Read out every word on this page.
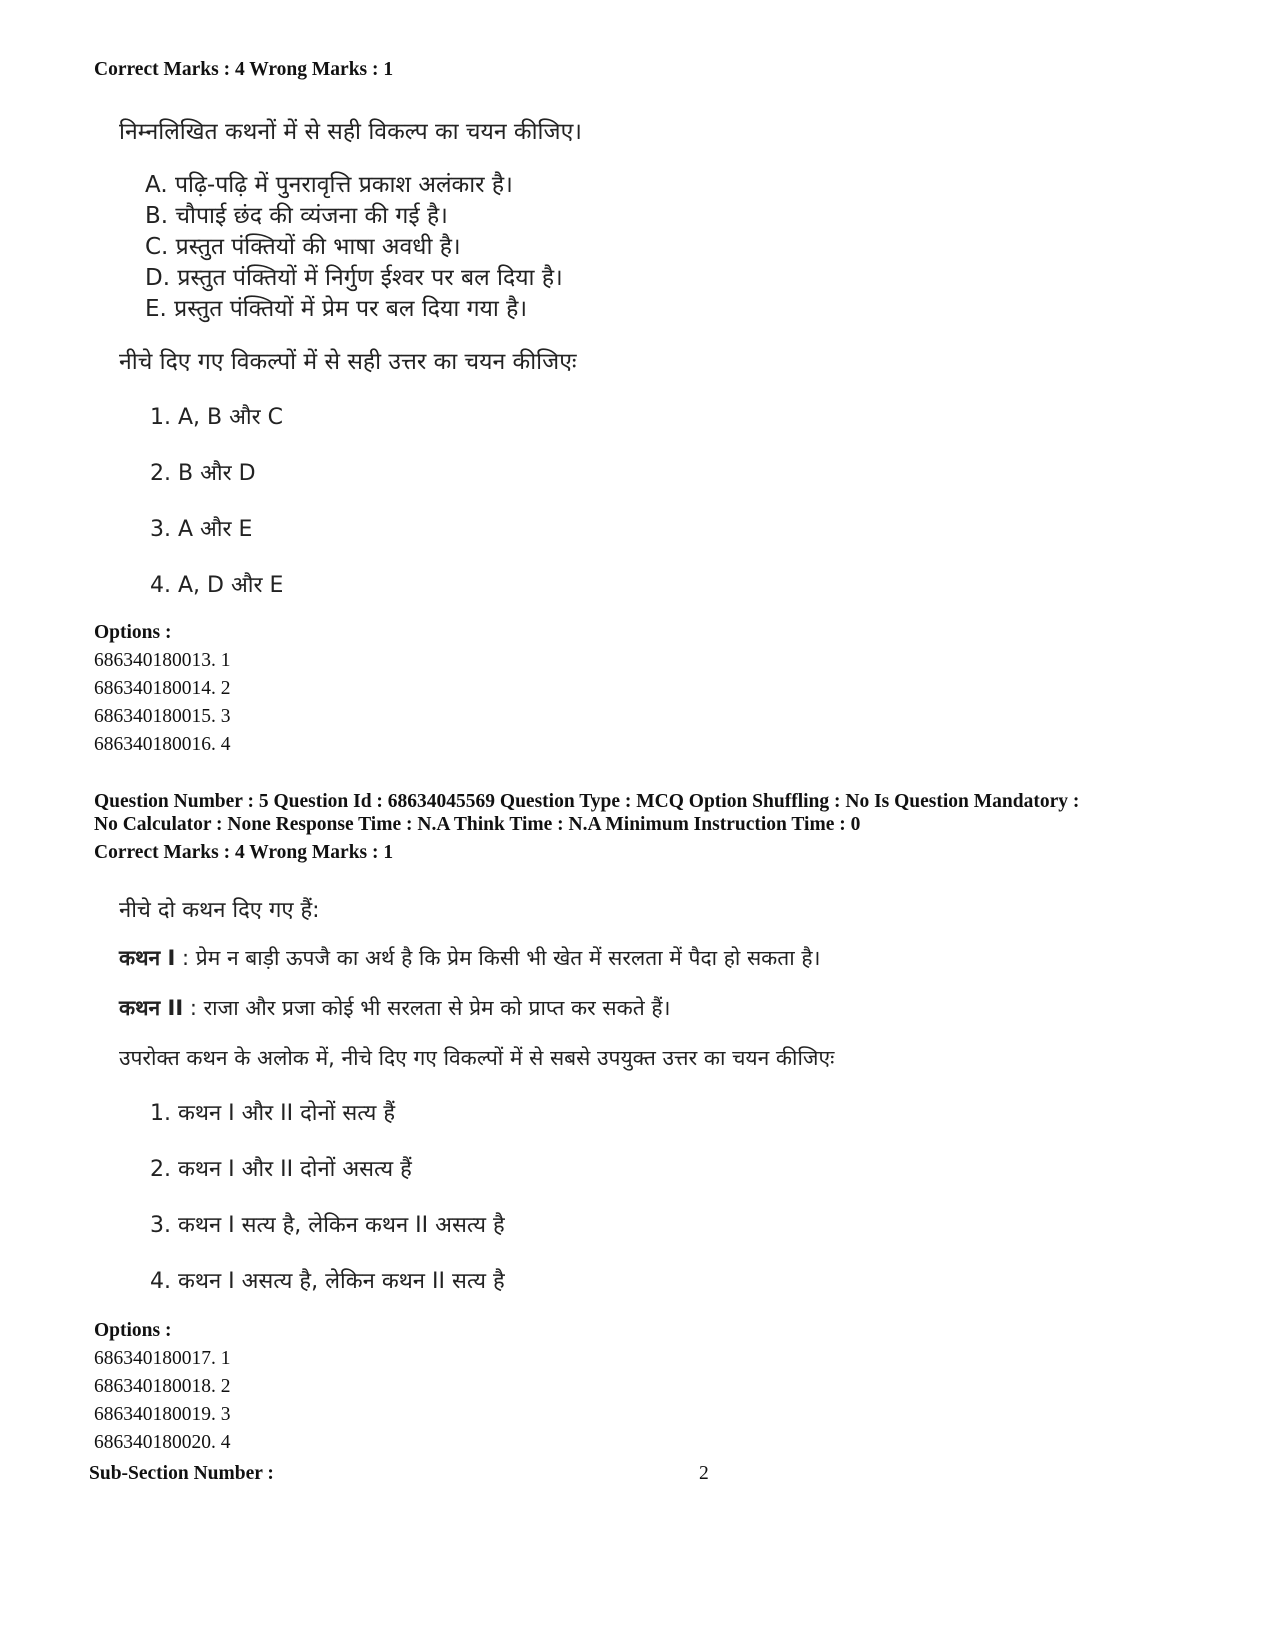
Correct Marks : 4 Wrong Marks : 1
निम्नलिखित कथनों में से सही विकल्प का चयन कीजिए।
A. पढ़ि-पढ़ि में पुनरावृत्ति प्रकाश अलंकार है।
B. चौपाई छंद की व्यंजना की गई है।
C. प्रस्तुत पंक्तियों की भाषा अवधी है।
D. प्रस्तुत पंक्तियों में निर्गुण ईश्वर पर बल दिया है।
E. प्रस्तुत पंक्तियों में प्रेम पर बल दिया गया है।
नीचे दिए गए विकल्पों में से सही उत्तर का चयन कीजिएः
1. A, B और C
2. B और D
3. A और E
4. A, D और E
Options :
686340180013. 1
686340180014. 2
686340180015. 3
686340180016. 4
Question Number : 5 Question Id : 68634045569 Question Type : MCQ Option Shuffling : No Is Question Mandatory :
No Calculator : None Response Time : N.A Think Time : N.A Minimum Instruction Time : 0
Correct Marks : 4 Wrong Marks : 1
नीचे दो कथन दिए गए हैं:
कथन I : प्रेम न बाड़ी ऊपजै का अर्थ है कि प्रेम किसी भी खेत में सरलता में पैदा हो सकता है।
कथन II : राजा और प्रजा कोई भी सरलता से प्रेम को प्राप्त कर सकते हैं।
उपरोक्त कथन के अलोक में, नीचे दिए गए विकल्पों में से सबसे उपयुक्त उत्तर का चयन कीजिएः
1. कथन I और II दोनों सत्य हैं
2. कथन I और II दोनों असत्य हैं
3. कथन I सत्य है, लेकिन कथन II असत्य है
4. कथन I असत्य है, लेकिन कथन II सत्य है
Options :
686340180017. 1
686340180018. 2
686340180019. 3
686340180020. 4
Sub-Section Number :	2
